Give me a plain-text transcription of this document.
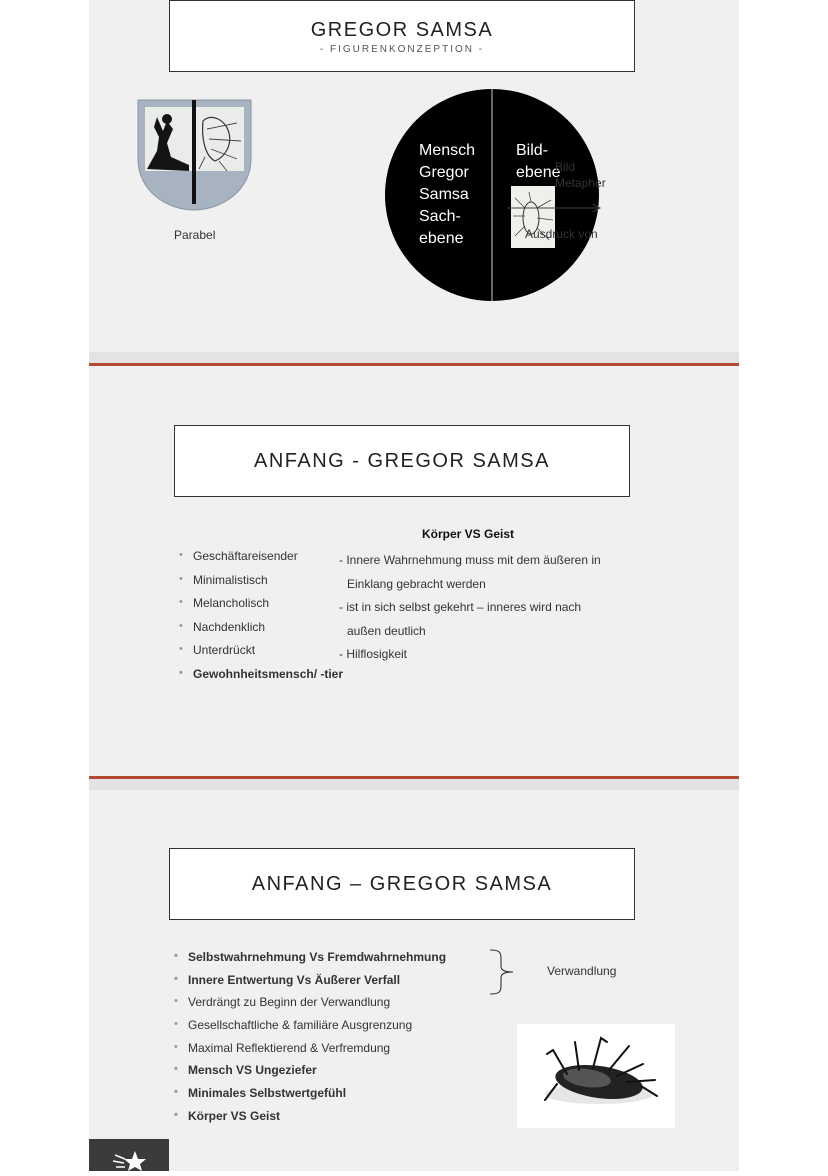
GREGOR SAMSA
- FIGURENKONZEPTION -
Parabel
Mensch
Gregor
Samsa
Sach-
ebene
Bild-
ebene
Bild
Metapher
Ausdruck von
ANFANG - GREGOR SAMSA
Körper VS Geist
• Geschäftareisender
• Minimalistisch
• Melancholisch
• Nachdenklich
• Unterdrückt
• Gewohnheitsmensch/ -tier
- Innere Wahrnehmung muss mit dem äußeren in
Einklang gebracht werden
- ist in sich selbst gekehrt – inneres wird nach
außen deutlich
- Hilflosigkeit
ANFANG – GREGOR SAMSA
• Selbstwahrnehmung Vs Fremdwahrnehmung
• Innere Entwertung Vs Äußerer Verfall
• Verdrängt zu Beginn der Verwandlung
• Gesellschaftliche & familiäre Ausgrenzung
• Maximal Reflektierend & Verfremdung
• Mensch VS Ungeziefer
• Minimales Selbstwertgefühl
• Körper VS Geist
Verwandlung
